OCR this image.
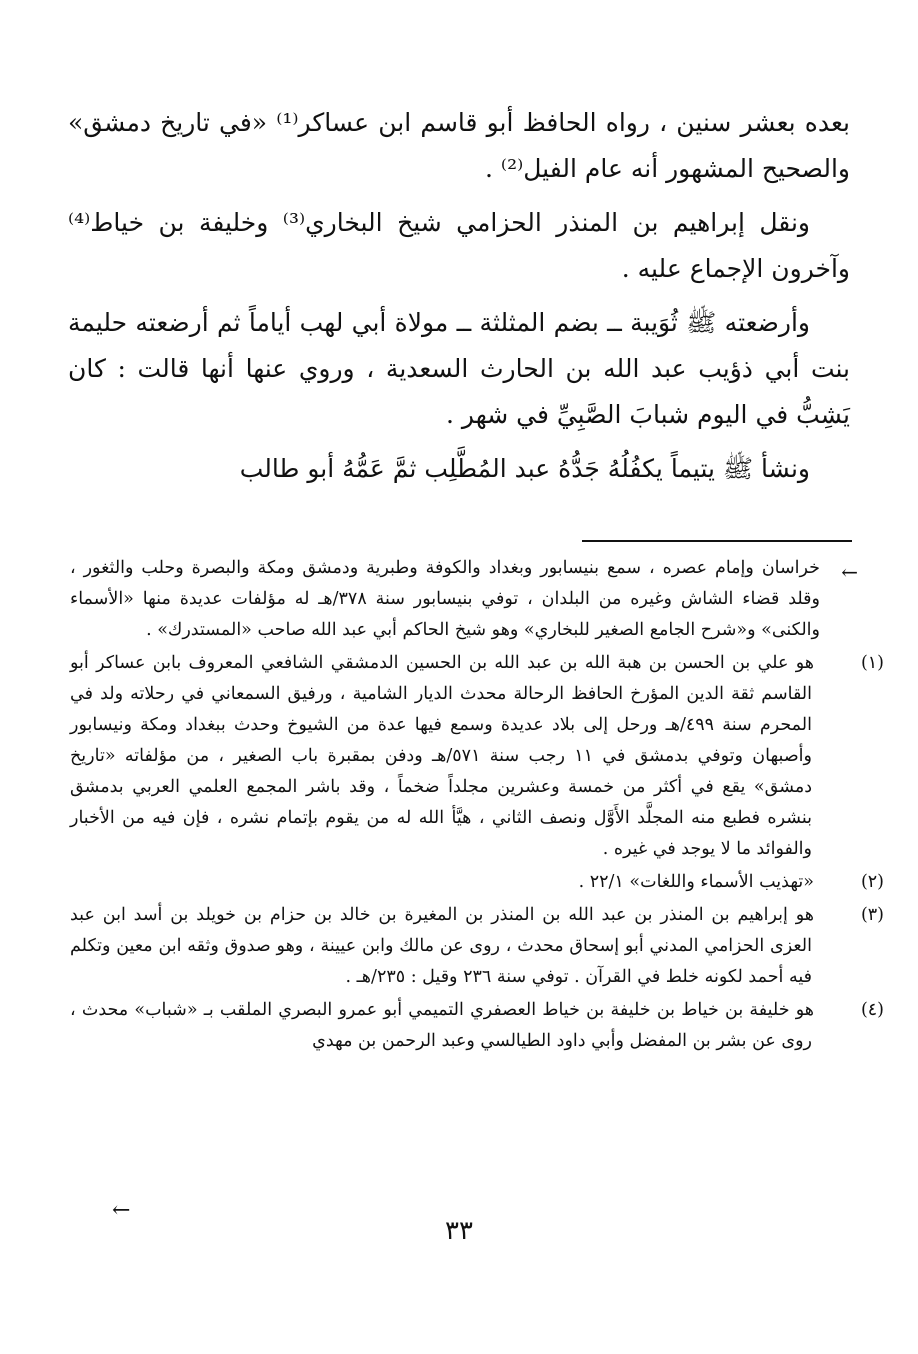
بعده بعشر سنين ، رواه الحافظ أبو قاسم ابن عساكر⁽¹⁾ «في تاريخ دمشق» والصحيح المشهور أنه عام الفيل⁽²⁾ .

ونقل إبراهيم بن المنذر الحزامي شيخ البخاري⁽³⁾ وخليفة بن خياط⁽⁴⁾ وآخرون الإجماع عليه .

وأرضعته ﷺ ثُوَيبة ــ بضم المثلثة ــ مولاة أبي لهب أياماً ثم أرضعته حليمة بنت أبي ذؤيب عبد الله بن الحارث السعدية ، وروي عنها أنها قالت : كان يَشِبُّ في اليوم شبابَ الصَّبِيِّ في شهر .

ونشأ ﷺ يتيماً يكفُلُهُ جَدُّهُ عبد المُطَّلِب ثمَّ عَمُّهُ أبو طالب

←

خراسان وإمام عصره ، سمع بنيسابور وبغداد والكوفة وطبرية ودمشق ومكة والبصرة وحلب والثغور ، وقلد قضاء الشاش وغيره من البلدان ، توفي بنيسابور سنة ٣٧٨/هـ له مؤلفات عديدة منها «الأسماء والكنى» و«شرح الجامع الصغير للبخاري» وهو شيخ الحاكم أبي عبد الله صاحب «المستدرك» .

(١)هو علي بن الحسن بن هبة الله بن عبد الله بن الحسين الدمشقي الشافعي المعروف بابن عساكر أبو القاسم ثقة الدين المؤرخ الحافظ الرحالة محدث الديار الشامية ، ورفيق السمعاني في رحلاته ولد في المحرم سنة ٤٩٩/هـ ورحل إلى بلاد عديدة وسمع فيها عدة من الشيوخ وحدث ببغداد ومكة ونيسابور وأصبهان وتوفي بدمشق في ١١ رجب سنة ٥٧١/هـ ودفن بمقبرة باب الصغير ، من مؤلفاته «تاريخ دمشق» يقع في أكثر من خمسة وعشرين مجلداً ضخماً ، وقد باشر المجمع العلمي العربي بدمشق بنشره فطبع منه المجلَّد الأَوَّل ونصف الثاني ، هيَّأ الله له من يقوم بإتمام نشره ، فإن فيه من الأخبار والفوائد ما لا يوجد في غيره .

(٢)«تهذيب الأسماء واللغات» ٢٢/١ .

(٣)هو إبراهيم بن المنذر بن عبد الله بن المنذر بن المغيرة بن خالد بن حزام بن خويلد بن أسد ابن عبد العزى الحزامي المدني أبو إسحاق محدث ، روى عن مالك وابن عيينة ، وهو صدوق وثقه ابن معين وتكلم فيه أحمد لكونه خلط في القرآن . توفي سنة ٢٣٦ وقيل : ٢٣٥/هـ .

(٤)هو خليفة بن خياط بن خليفة بن خياط العصفري التميمي أبو عمرو البصري الملقب بـ «شباب» محدث ، روى عن بشر بن المفضل وأبي داود الطيالسي وعبد الرحمن بن مهدي

←
٣٣
